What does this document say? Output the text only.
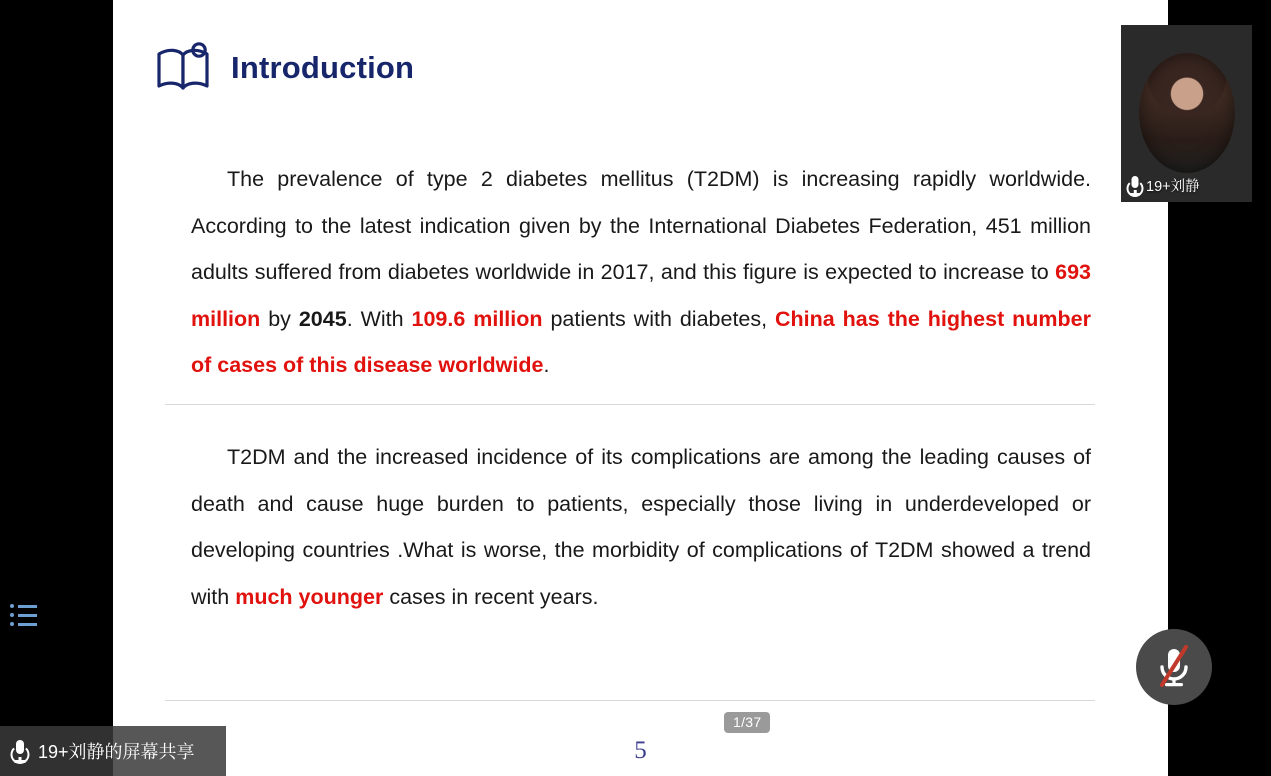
Introduction
The prevalence of type 2 diabetes mellitus (T2DM) is increasing rapidly worldwide. According to the latest indication given by the International Diabetes Federation, 451 million adults suffered from diabetes worldwide in 2017, and this figure is expected to increase to 693 million by 2045. With 109.6 million patients with diabetes, China has the highest number of cases of this disease worldwide.
T2DM and the increased incidence of its complications are among the leading causes of death and cause huge burden to patients, especially those living in underdeveloped or developing countries .What is worse, the morbidity of complications of T2DM showed a trend with much younger cases in recent years.
1/37
5
19+刘静
19+刘静的屏幕共享
